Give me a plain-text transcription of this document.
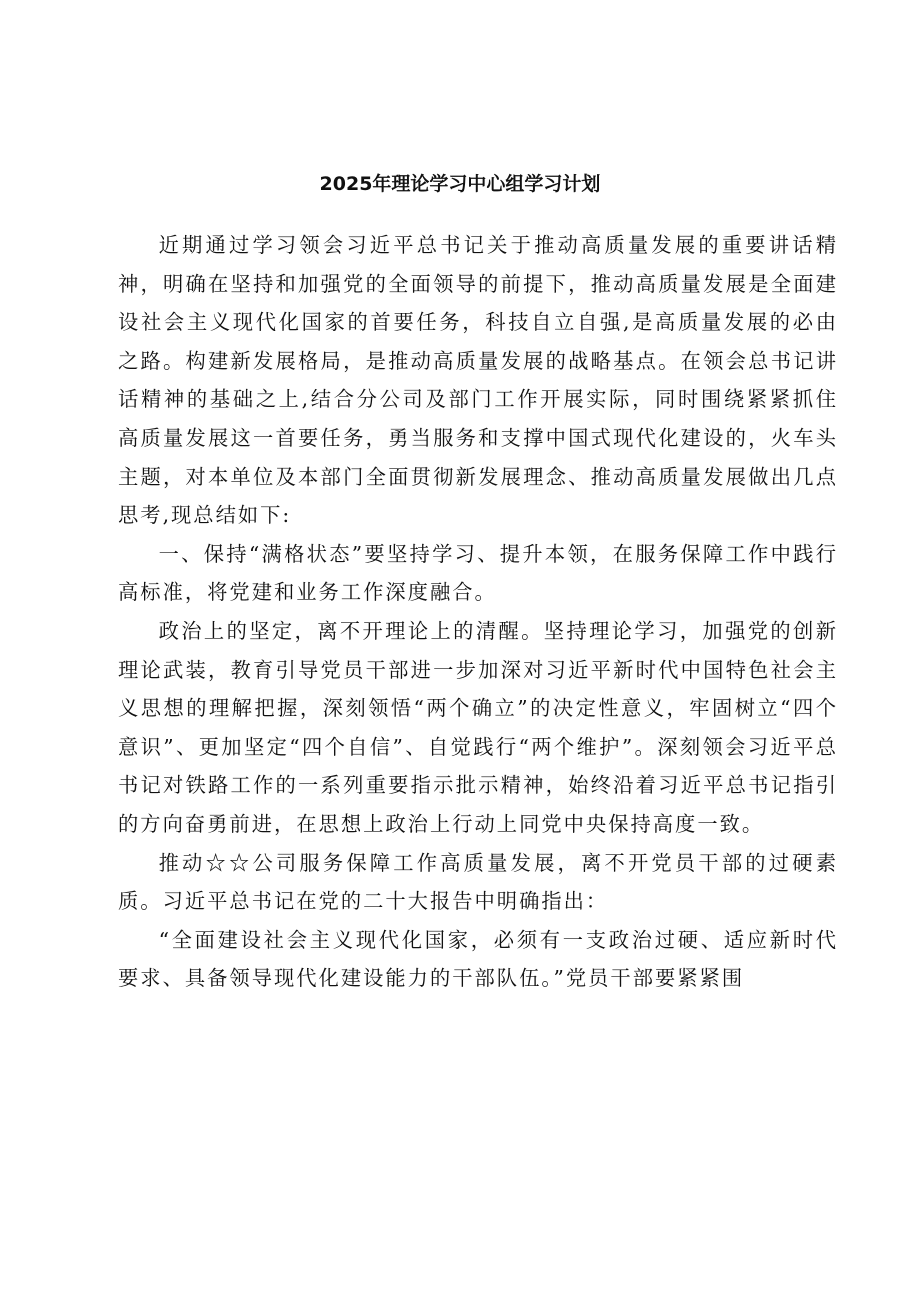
2025年理论学习中心组学习计划

近期通过学习领会习近平总书记关于推动高质量发展的重要讲话精神，明确在坚持和加强党的全面领导的前提下，推动高质量发展是全面建设社会主义现代化国家的首要任务，科技自立自强,是高质量发展的必由之路。构建新发展格局，是推动高质量发展的战略基点。在领会总书记讲话精神的基础之上,结合分公司及部门工作开展实际，同时围绕紧紧抓住高质量发展这一首要任务，勇当服务和支撑中国式现代化建设的，火车头主题，对本单位及本部门全面贯彻新发展理念、推动高质量发展做出几点思考,现总结如下:

一、保持“满格状态”要坚持学习、提升本领，在服务保障工作中践行高标准，将党建和业务工作深度融合。

政治上的坚定，离不开理论上的清醒。坚持理论学习，加强党的创新理论武装，教育引导党员干部进一步加深对习近平新时代中国特色社会主义思想的理解把握，深刻领悟“两个确立”的决定性意义，牢固树立“四个意识”、更加坚定“四个自信”、自觉践行“两个维护”。深刻领会习近平总书记对铁路工作的一系列重要指示批示精神，始终沿着习近平总书记指引的方向奋勇前进，在思想上政治上行动上同党中央保持高度一致。

推动☆☆公司服务保障工作高质量发展，离不开党员干部的过硬素质。习近平总书记在党的二十大报告中明确指出：

“全面建设社会主义现代化国家，必须有一支政治过硬、适应新时代要求、具备领导现代化建设能力的干部队伍。”党员干部要紧紧围
